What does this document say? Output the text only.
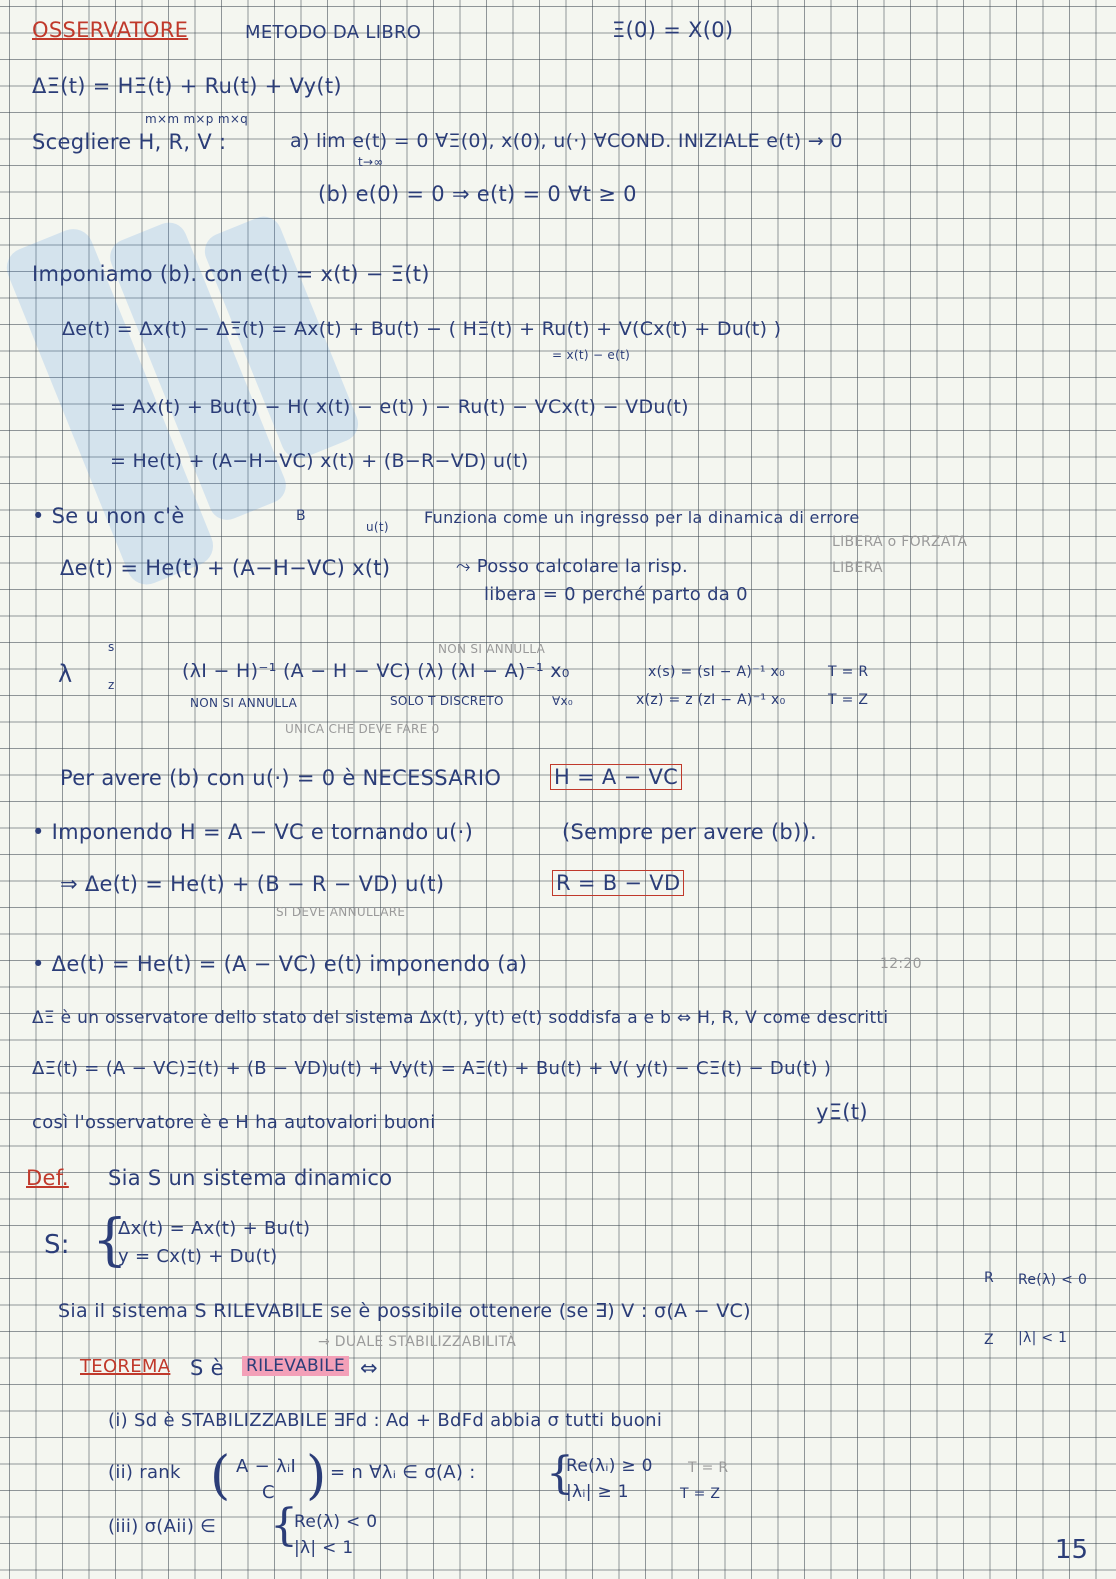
OSSERVATORE	METODO DA LIBRO	Ξ(0) = X(0)
ΔΞ(t) = HΞ(t) + Ru(t) + Vy(t)
m×m m×p m×q
Scegliere H, R, V :	a) lim e(t) = 0 ∀Ξ(0), x(0), u(·) ∀COND. INIZIALE e(t) → 0
t→∞
(b) e(0) = 0 ⇒ e(t) = 0 ∀t ≥ 0
Imponiamo (b). con e(t) = x(t) − Ξ(t)
Δe(t) = Δx(t) − ΔΞ(t) = Ax(t) + Bu(t) − ( HΞ(t) + Ru(t) + V(Cx(t) + Du(t) )
= x(t) − e(t)
= Ax(t) + Bu(t) − H( x(t) − e(t) ) − Ru(t) − VCx(t) − VDu(t)
= He(t) + (A−H−VC) x(t) + (B−R−VD) u(t)
• Se u non c'è	B
u(t) Funziona come un ingresso per la dinamica di errore
LIBERA o FORZATA
LIBERA
Δe(t) = He(t) + (A−H−VC) x(t)	⤳ Posso calcolare la risp.
libera = 0 perché parto da 0
λ
s
z
NON SI ANNULLA
(λI − H)⁻¹ (A − H − VC) (λ) (λI − A)⁻¹ x₀
NON SI ANNULLA	SOLO T DISCRETO	∀x₀
UNICA CHE DEVE FARE 0
x(s) = (sI − A)⁻¹ x₀
x(z) = z (zI − A)⁻¹ x₀
T = R
T = Z
Per avere (b) con u(·) = 0 è NECESSARIO	H = A − VC
• Imponendo H = A − VC e tornando u(·)	(Sempre per avere (b)).
⇒ Δe(t) = He(t) + (B − R − VD) u(t)	R = B − VD
SI DEVE ANNULLARE
• Δe(t) = He(t) = (A − VC) e(t) imponendo (a)	12:20
ΔΞ è un osservatore dello stato del sistema Δx(t), y(t) e(t) soddisfa a e b ⇔ H, R, V come descritti
ΔΞ(t) = (A − VC)Ξ(t) + (B − VD)u(t) + Vy(t) = AΞ(t) + Bu(t) + V( y(t) − CΞ(t) − Du(t) )
yΞ(t)
così l'osservatore è e H ha autovalori buoni
Def. Sia S un sistema dinamico
S: {
Δx(t) = Ax(t) + Bu(t)
y = Cx(t) + Du(t)
Sia il sistema S RILEVABILE se è possibile ottenere (se ∃) V : σ(A − VC)
R Re(λ) < 0
Z |λ| < 1
→ DUALE STABILIZZABILITÀ
TEOREMA S è RILEVABILE ⇔
(i) Sd è STABILIZZABILE ∃Fd : Ad + BdFd abbia σ tutti buoni
(ii) rank ( A − λᵢI
C ) = n ∀λᵢ ∈ σ(A) : {
Re(λᵢ) ≥ 0
|λᵢ| ≥ 1
T = R
T = Z
(iii) σ(Aii) ∈ {
Re(λ) < 0
|λ| < 1	15
